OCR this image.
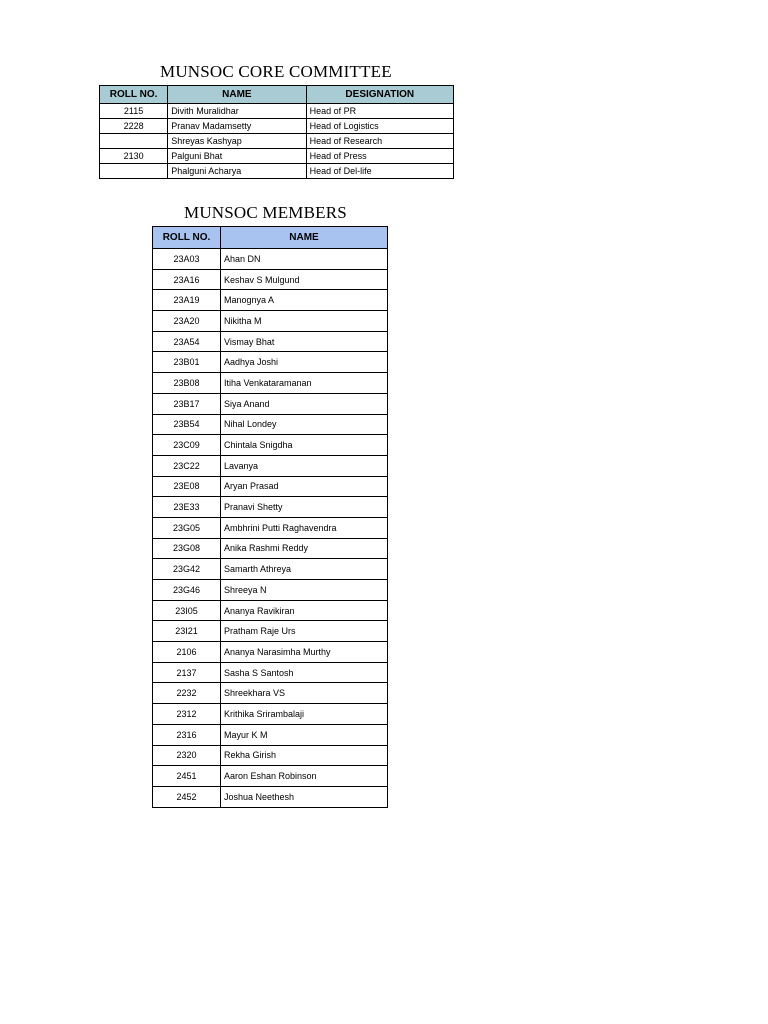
MUNSOC CORE COMMITTEE
ROLL NO.	NAME	DESIGNATION
2115	Divith Muralidhar	Head of PR
2228	Pranav Madamsetty	Head of Logistics
	Shreyas Kashyap	Head of Research
2130	Palguni Bhat	Head of Press
	Phalguni Acharya	Head of Del-life
MUNSOC MEMBERS
ROLL NO.	NAME
23A03	Ahan DN
23A16	Keshav S Mulgund
23A19	Manognya A
23A20	Nikitha M
23A54	Vismay Bhat
23B01	Aadhya Joshi
23B08	Itiha Venkataramanan
23B17	Siya Anand
23B54	Nihal Londey
23C09	Chintala Snigdha
23C22	Lavanya
23E08	Aryan Prasad
23E33	Pranavi Shetty
23G05	Ambhrini Putti Raghavendra
23G08	Anika Rashmi Reddy
23G42	Samarth Athreya
23G46	Shreeya N
23I05	Ananya Ravikiran
23I21	Pratham Raje Urs
2106	Ananya Narasimha Murthy
2137	Sasha S Santosh
2232	Shreekhara VS
2312	Krithika Srirambalaji
2316	Mayur K M
2320	Rekha Girish
2451	Aaron Eshan Robinson
2452	Joshua Neethesh
